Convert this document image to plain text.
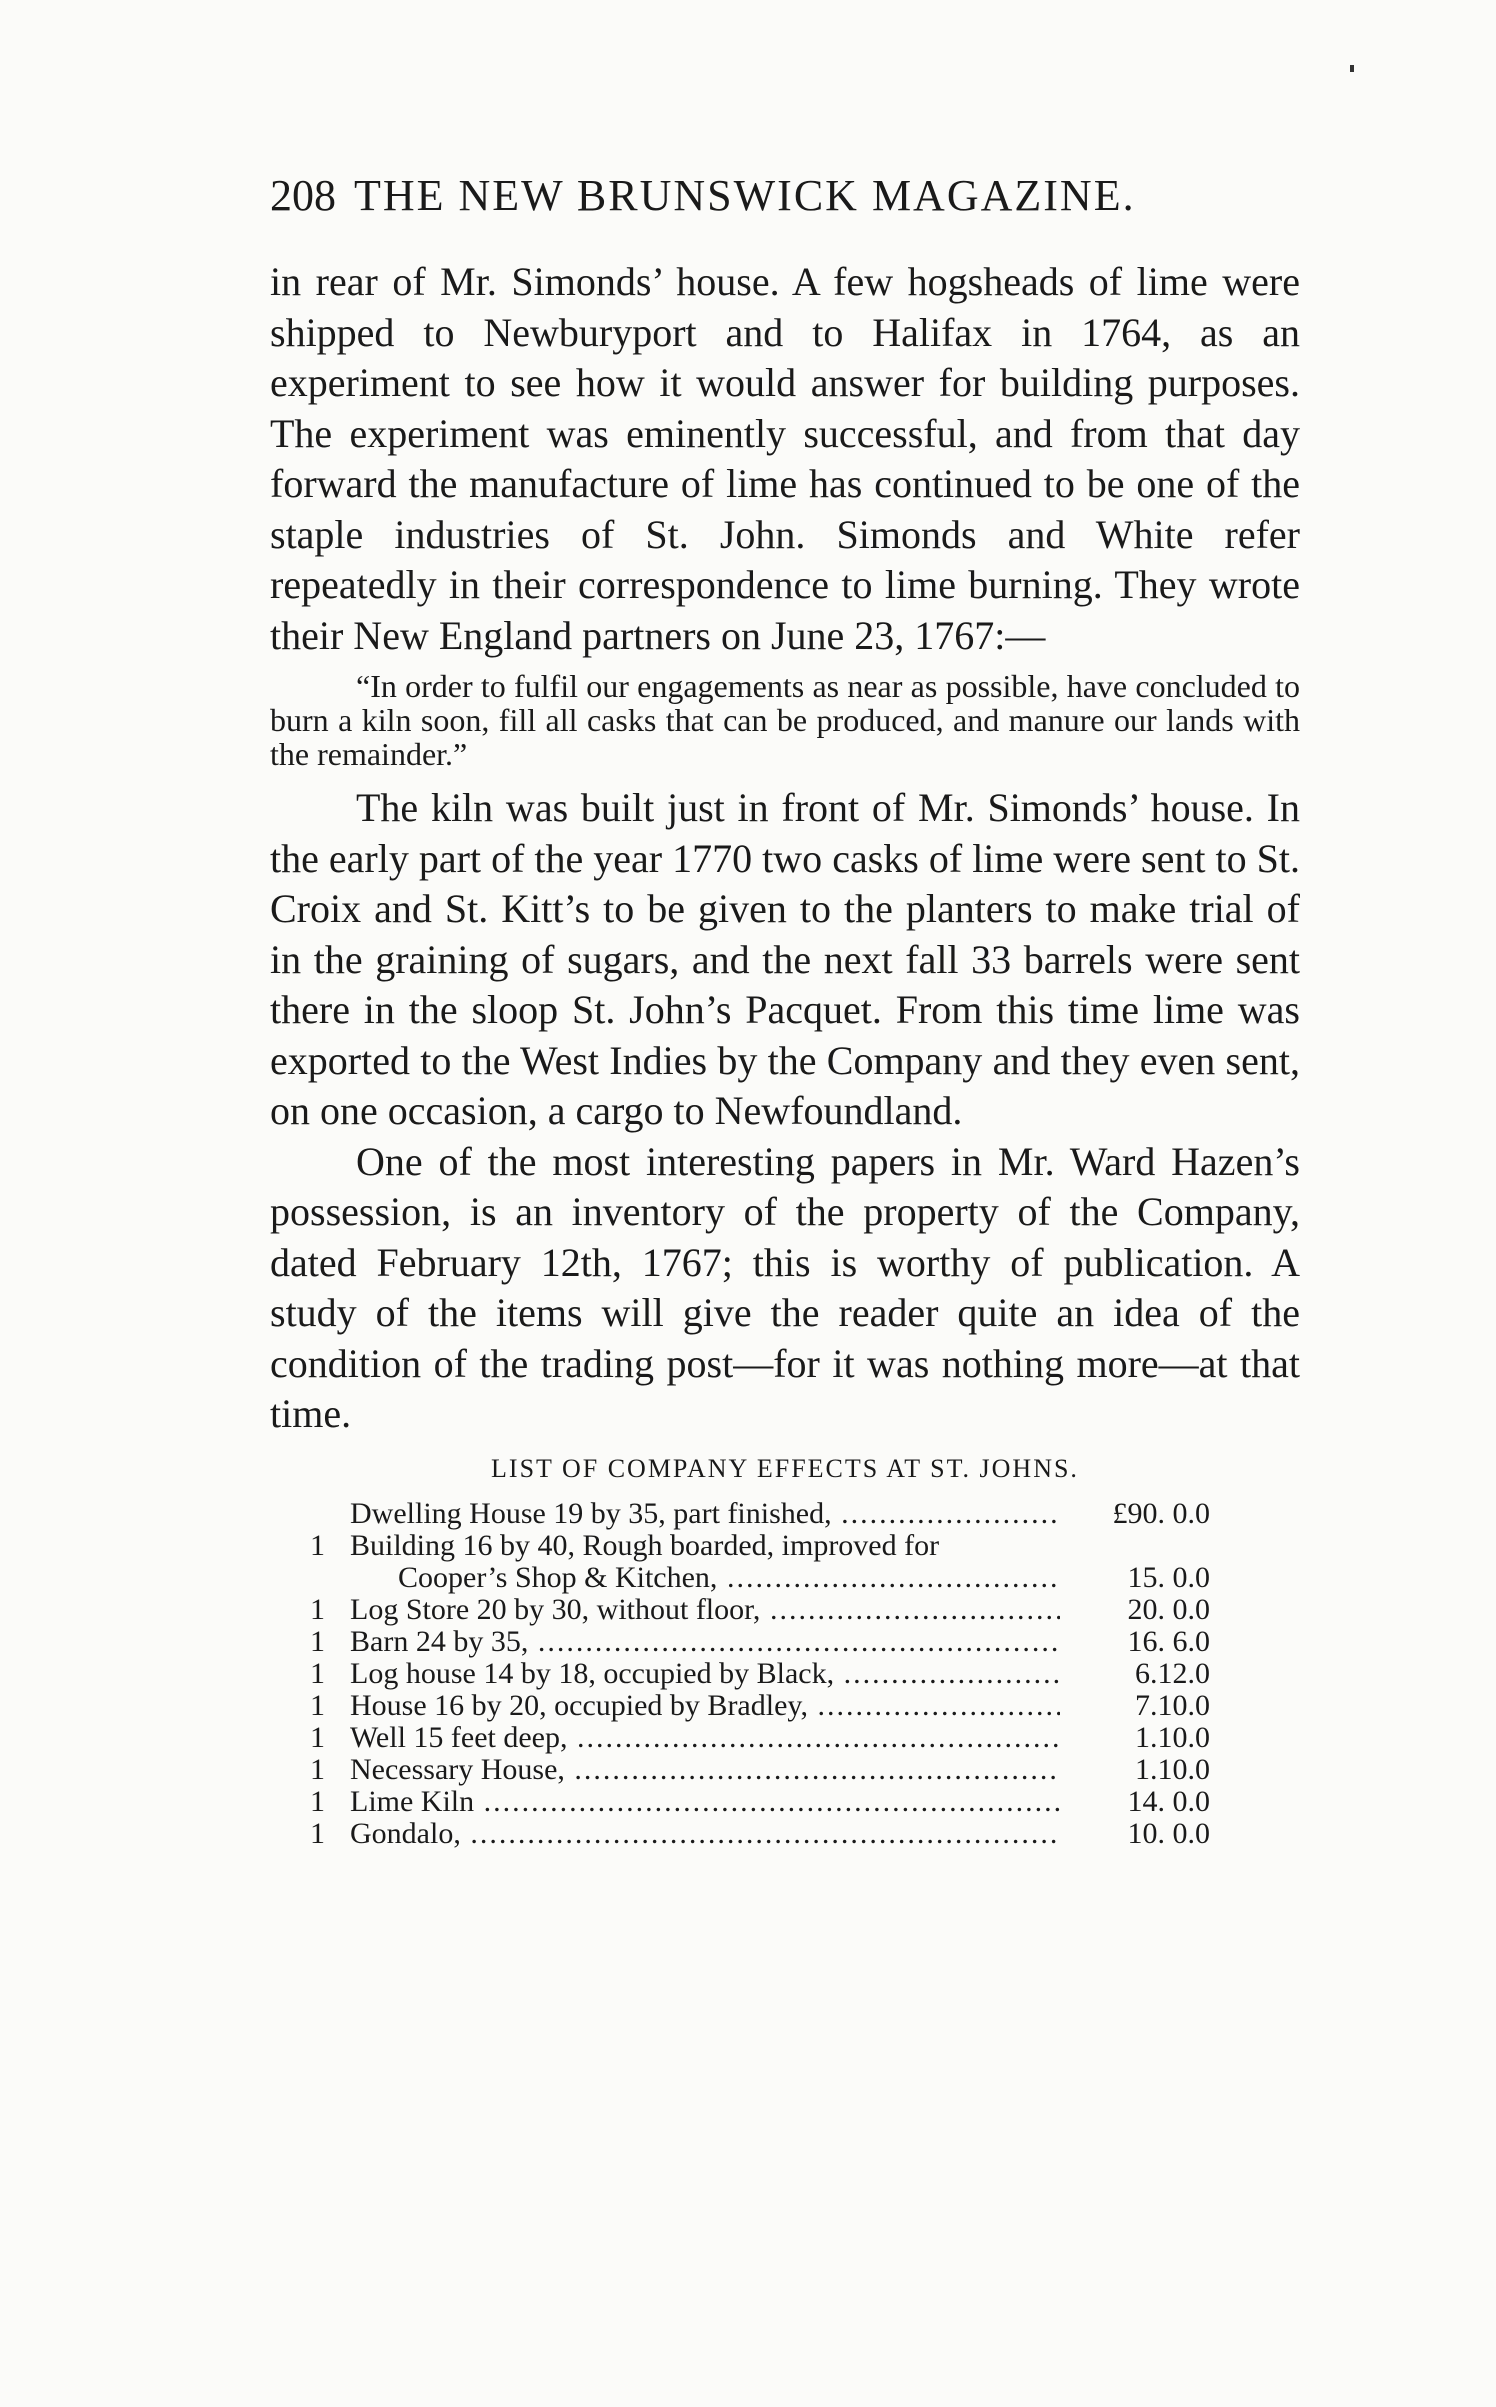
208 THE NEW BRUNSWICK MAGAZINE.

in rear of Mr. Simonds’ house. A few hogsheads of lime were shipped to Newburyport and to Halifax in 1764, as an experiment to see how it would answer for building purposes. The experiment was eminently successful, and from that day forward the manufacture of lime has continued to be one of the staple industries of St. John. Simonds and White refer repeatedly in their correspondence to lime burning. They wrote their New England partners on June 23, 1767:—

“In order to fulfil our engagements as near as possible, have concluded to burn a kiln soon, fill all casks that can be produced, and manure our lands with the remainder.”

The kiln was built just in front of Mr. Simonds’ house. In the early part of the year 1770 two casks of lime were sent to St. Croix and St. Kitt’s to be given to the planters to make trial of in the graining of sugars, and the next fall 33 barrels were sent there in the sloop St. John’s Pacquet. From this time lime was exported to the West Indies by the Company and they even sent, on one occasion, a cargo to Newfoundland.

One of the most interesting papers in Mr. Ward Hazen’s possession, is an inventory of the property of the Company, dated February 12th, 1767; this is worthy of publication. A study of the items will give the reader quite an idea of the condition of the trading post—for it was nothing more—at that time.

LIST OF COMPANY EFFECTS AT ST. JOHNS.
Dwelling House 19 by 35, part finished, .....	£90. 0.0
1 Building 16 by 40, Rough boarded, improved for
Cooper’s Shop & Kitchen, .....	15. 0.0
1 Log Store 20 by 30, without floor, .....	20. 0.0
1 Barn 24 by 35, .....	16. 6.0
1 Log house 14 by 18, occupied by Black, .....	6.12.0
1 House 16 by 20, occupied by Bradley, .....	7.10.0
1 Well 15 feet deep, .....	1.10.0
1 Necessary House, .....	1.10.0
1 Lime Kiln .....	14. 0.0
1 Gondalo, .....	10. 0.0
